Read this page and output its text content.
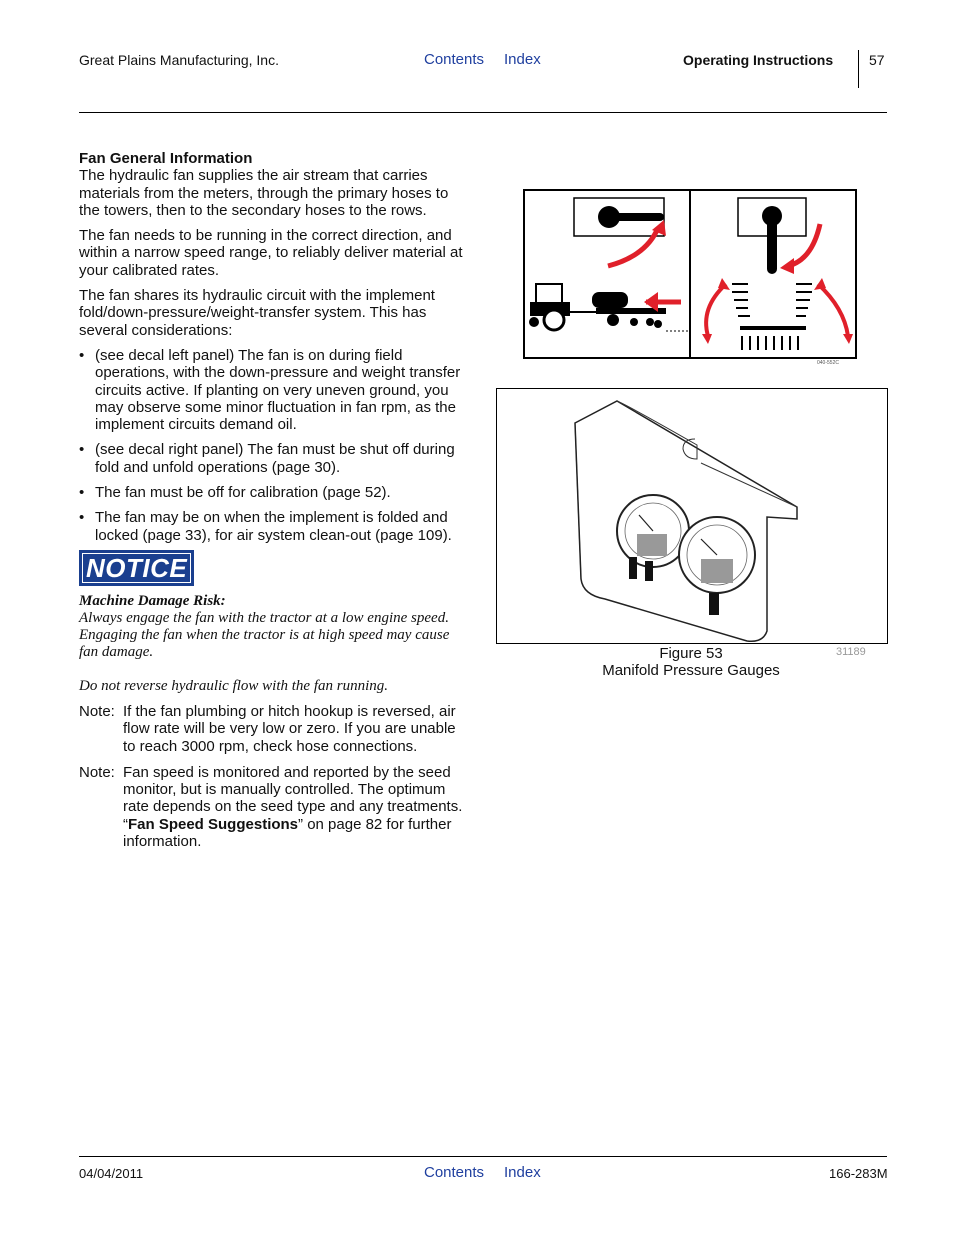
Great Plains Manufacturing, Inc.	Contents Index	Operating Instructions	57
Fan General Information

The hydraulic fan supplies the air stream that carries materials from the meters, through the primary hoses to the towers, then to the secondary hoses to the rows.

The fan needs to be running in the correct direction, and within a narrow speed range, to reliably deliver material at your calibrated rates.

The fan shares its hydraulic circuit with the implement fold/down-pressure/weight-transfer system. This has several considerations:

• (see decal left panel) The fan is on during field operations, with the down-pressure and weight transfer circuits active. If planting on very uneven ground, you may observe some minor fluctuation in fan rpm, as the implement circuits demand oil.
• (see decal right panel) The fan must be shut off during fold and unfold operations (page 30).
• The fan must be off for calibration (page 52).
• The fan may be on when the implement is folded and locked (page 33), for air system clean-out (page 109).
NOTICE
Machine Damage Risk:
Always engage the fan with the tractor at a low engine speed. Engaging the fan when the tractor is at high speed may cause fan damage.
Do not reverse hydraulic flow with the fan running.
Note: If the fan plumbing or hitch hookup is reversed, air flow rate will be very low or zero. If you are unable to reach 3000 rpm, check hose connections.
Note: Fan speed is monitored and reported by the seed monitor, but is manually controlled. The optimum rate depends on the seed type and any treatments. “Fan Speed Suggestions” on page 82 for further information.
040-552C
Figure 53
Manifold Pressure Gauges
31189
04/04/2011	Contents Index	166-283M
